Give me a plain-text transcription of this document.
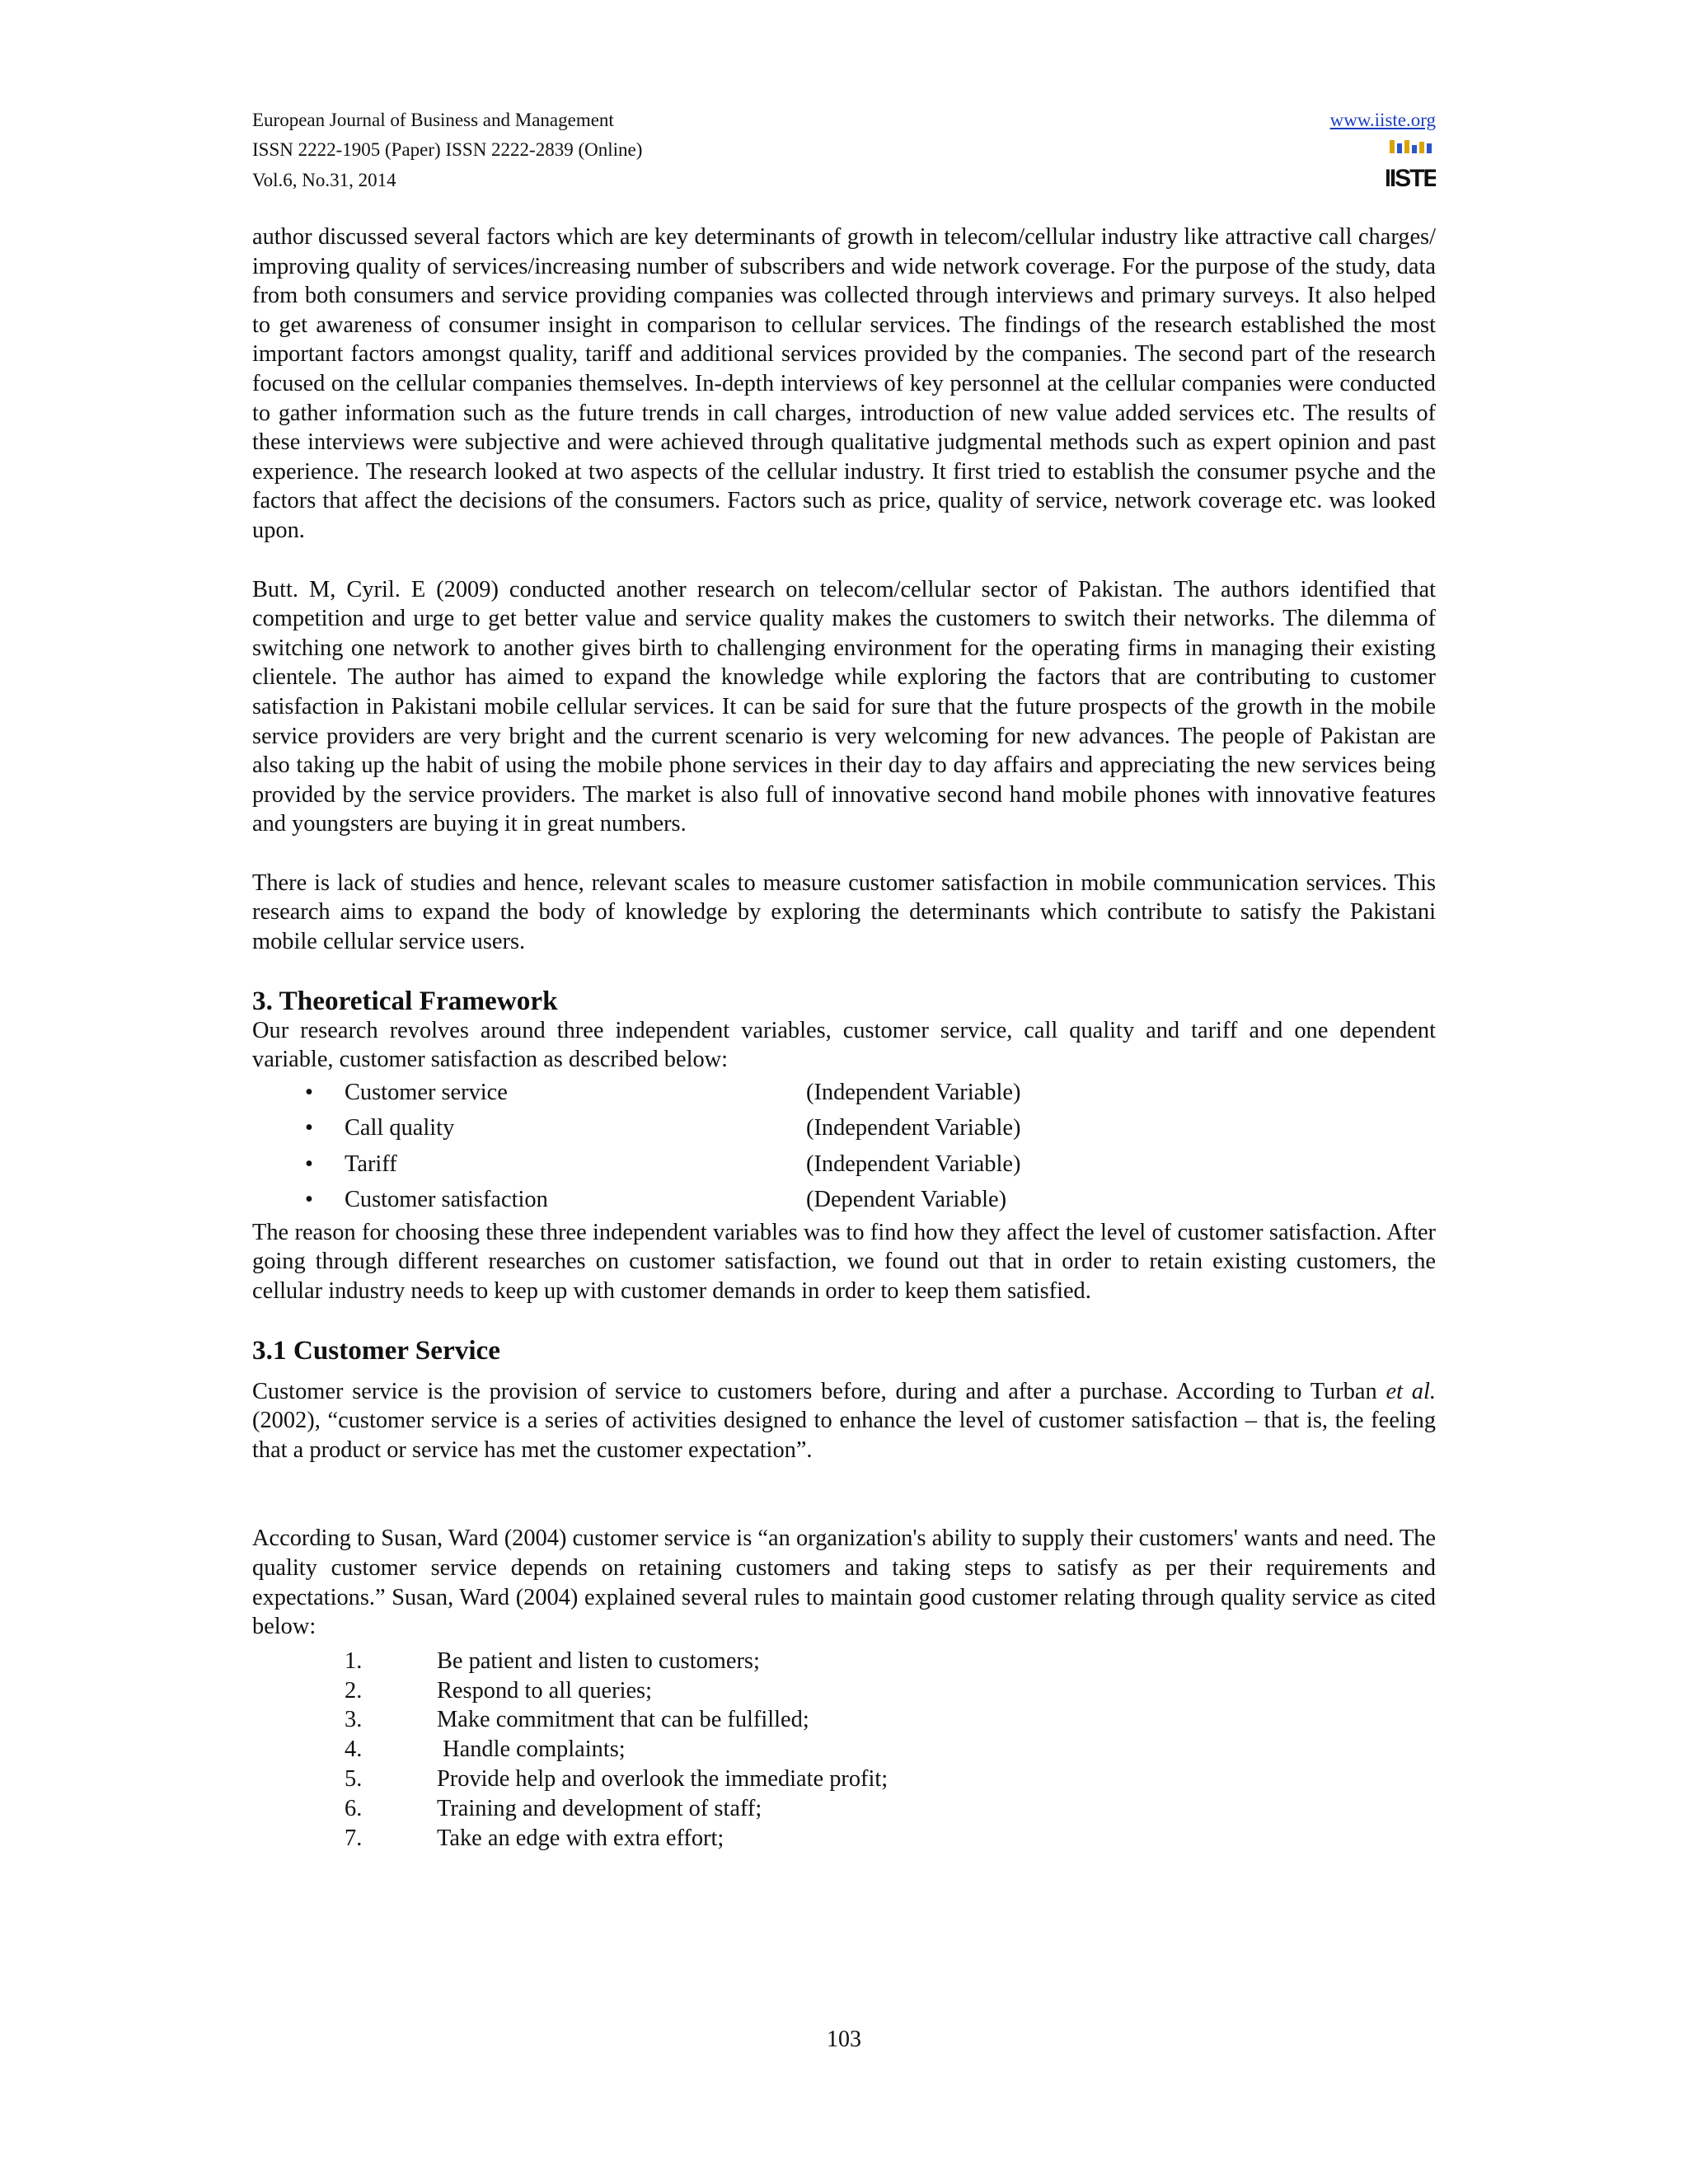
European Journal of Business and Management
ISSN 2222-1905 (Paper) ISSN 2222-2839 (Online)
Vol.6, No.31, 2014
www.iiste.org
IISTE

author discussed several factors which are key determinants of growth in telecom/cellular industry like attractive call charges/ improving quality of services/increasing number of subscribers and wide network coverage. For the purpose of the study, data from both consumers and service providing companies was collected through interviews and primary surveys. It also helped to get awareness of consumer insight in comparison to cellular services. The findings of the research established the most important factors amongst quality, tariff and additional services provided by the companies. The second part of the research focused on the cellular companies themselves. In-depth interviews of key personnel at the cellular companies were conducted to gather information such as the future trends in call charges, introduction of new value added services etc. The results of these interviews were subjective and were achieved through qualitative judgmental methods such as expert opinion and past experience. The research looked at two aspects of the cellular industry. It first tried to establish the consumer psyche and the factors that affect the decisions of the consumers. Factors such as price, quality of service, network coverage etc. was looked upon.

Butt. M, Cyril. E (2009) conducted another research on telecom/cellular sector of Pakistan. The authors identified that competition and urge to get better value and service quality makes the customers to switch their networks. The dilemma of switching one network to another gives birth to challenging environment for the operating firms in managing their existing clientele. The author has aimed to expand the knowledge while exploring the factors that are contributing to customer satisfaction in Pakistani mobile cellular services. It can be said for sure that the future prospects of the growth in the mobile service providers are very bright and the current scenario is very welcoming for new advances. The people of Pakistan are also taking up the habit of using the mobile phone services in their day to day affairs and appreciating the new services being provided by the service providers. The market is also full of innovative second hand mobile phones with innovative features and youngsters are buying it in great numbers.

There is lack of studies and hence, relevant scales to measure customer satisfaction in mobile communication services. This research aims to expand the body of knowledge by exploring the determinants which contribute to satisfy the Pakistani mobile cellular service users.

3. Theoretical Framework

Our research revolves around three independent variables, customer service, call quality and tariff and one dependent variable, customer satisfaction as described below:

• Customer service	(Independent Variable)
• Call quality	(Independent Variable)
• Tariff	(Independent Variable)
• Customer satisfaction	(Dependent Variable)

The reason for choosing these three independent variables was to find how they affect the level of customer satisfaction. After going through different researches on customer satisfaction, we found out that in order to retain existing customers, the cellular industry needs to keep up with customer demands in order to keep them satisfied.

3.1 Customer Service

Customer service is the provision of service to customers before, during and after a purchase. According to Turban et al. (2002), “customer service is a series of activities designed to enhance the level of customer satisfaction – that is, the feeling that a product or service has met the customer expectation”.

According to Susan, Ward (2004) customer service is “an organization's ability to supply their customers' wants and need. The quality customer service depends on retaining customers and taking steps to satisfy as per their requirements and expectations.” Susan, Ward (2004) explained several rules to maintain good customer relating through quality service as cited below:

1.	Be patient and listen to customers;
2.	Respond to all queries;
3.	Make commitment that can be fulfilled;
4.	Handle complaints;
5.	Provide help and overlook the immediate profit;
6.	Training and development of staff;
7.	Take an edge with extra effort;
103
